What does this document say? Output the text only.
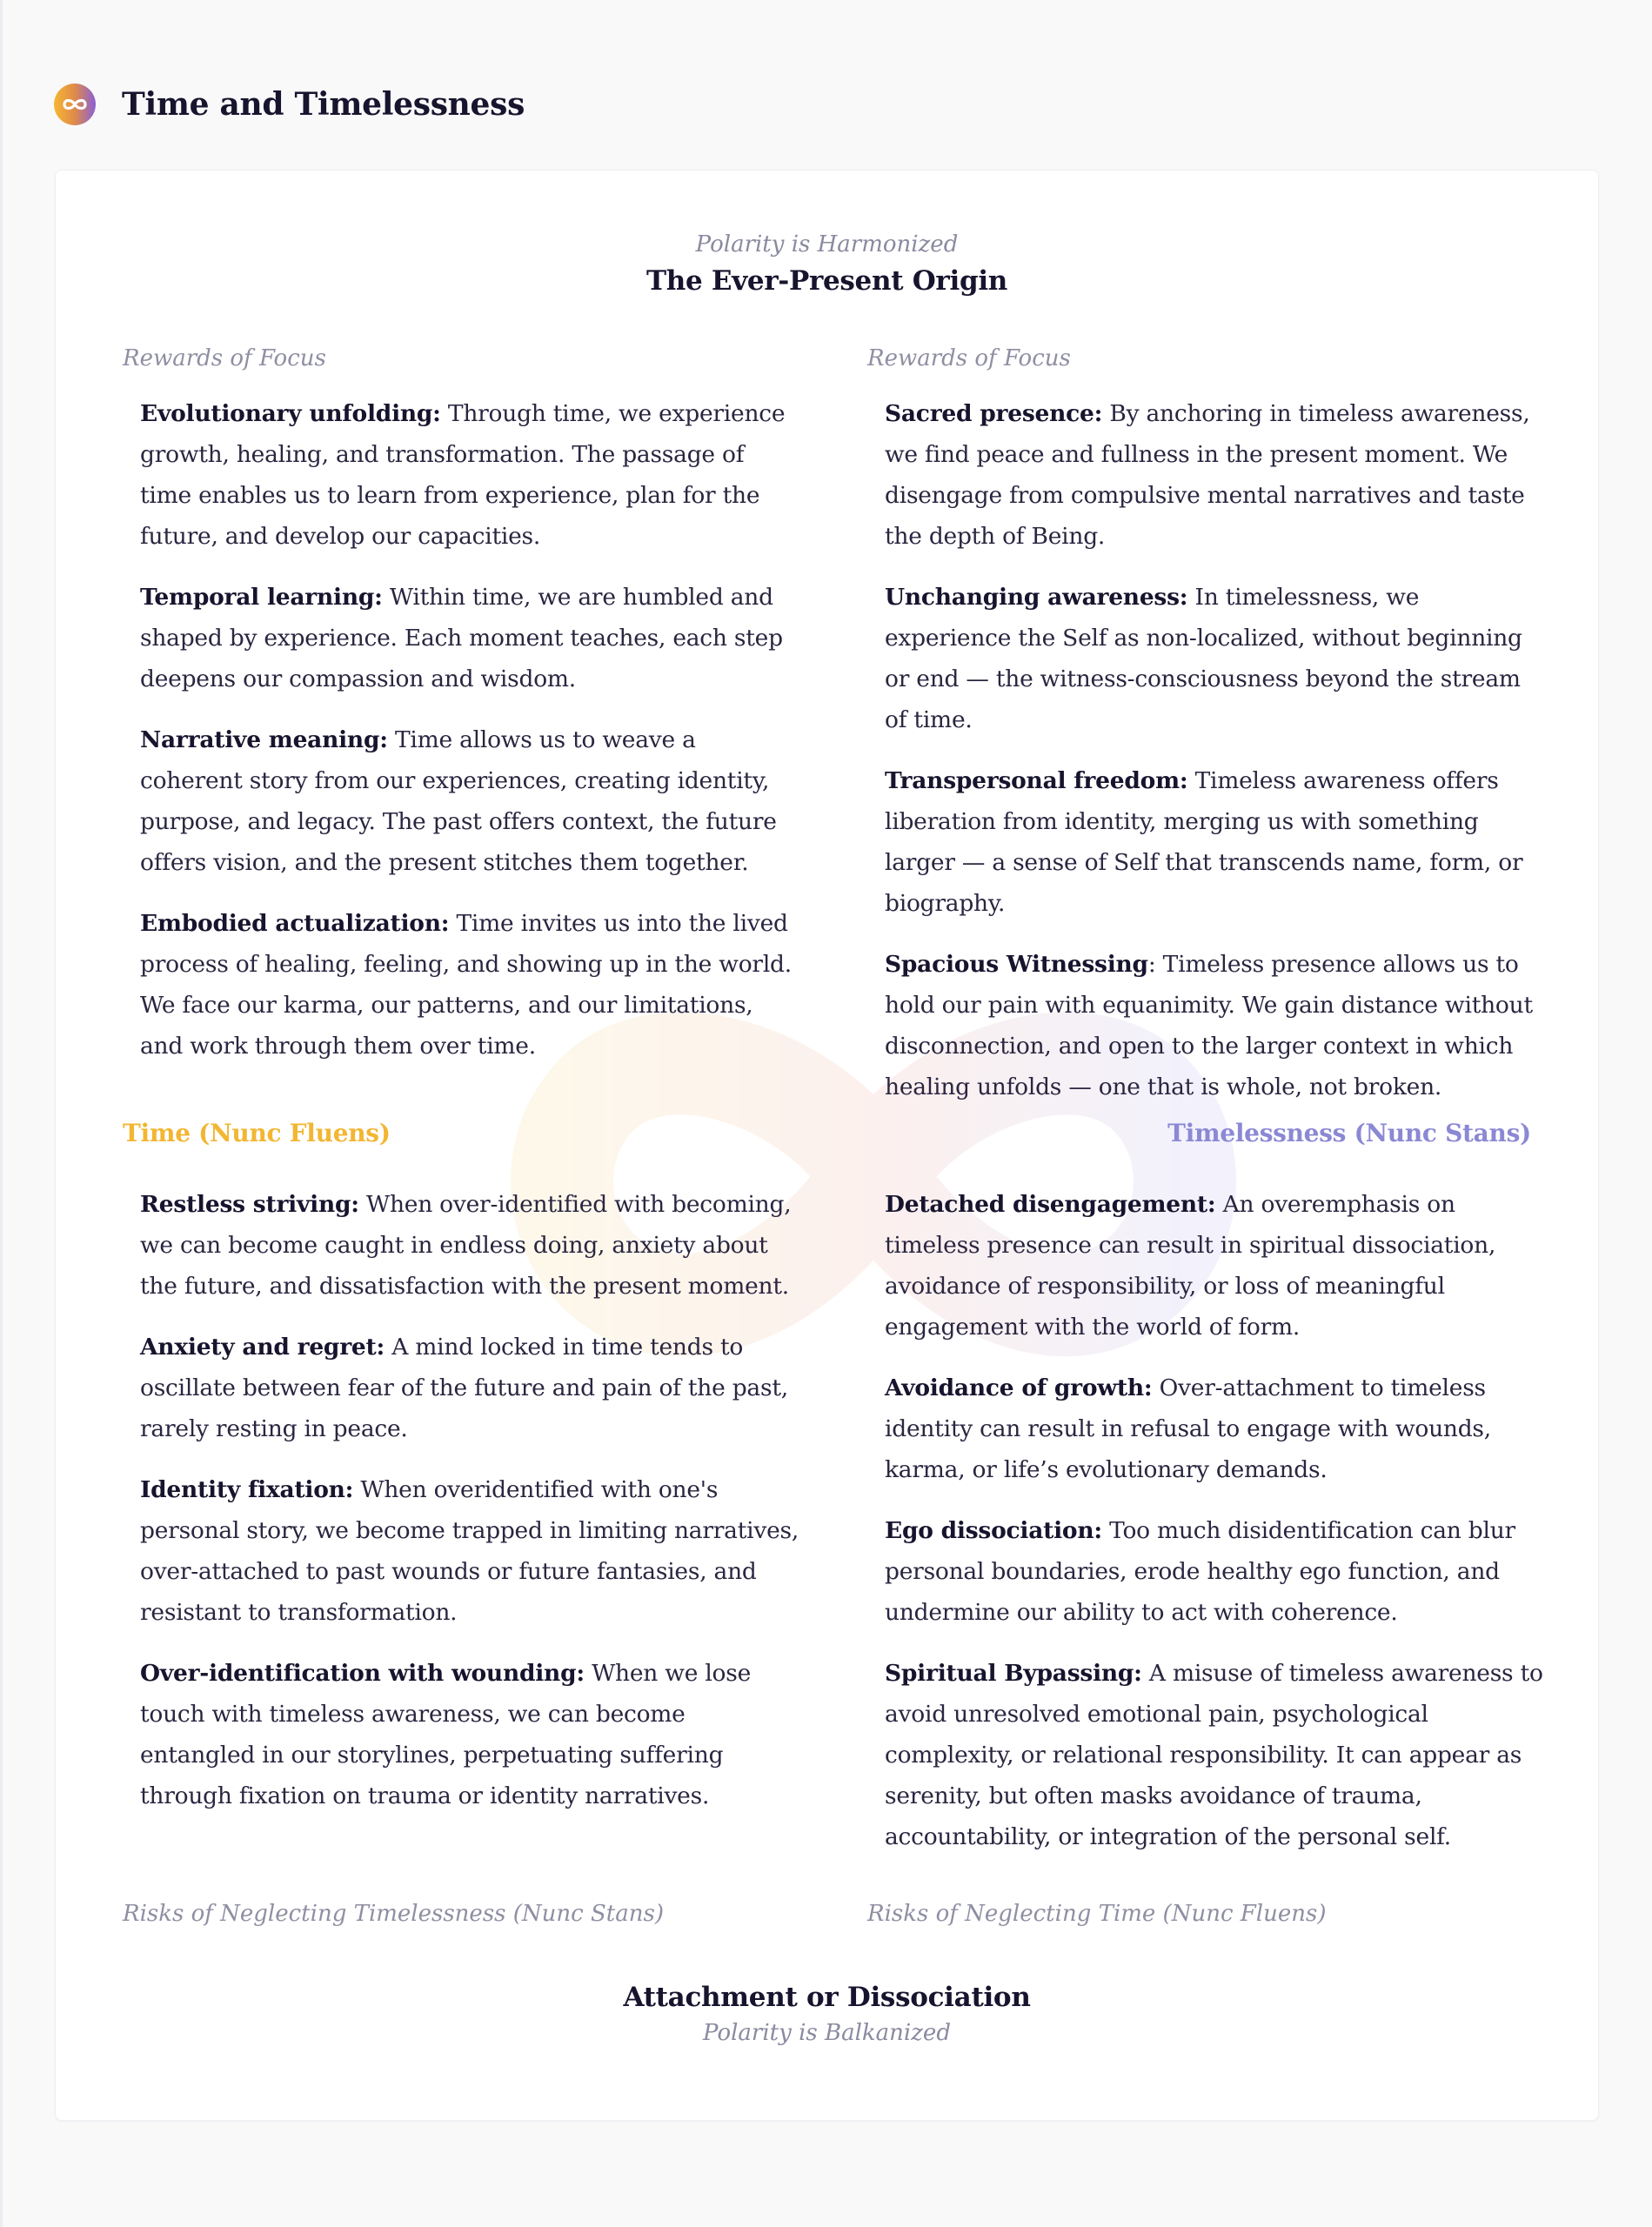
Time and Timelessness
Polarity is Harmonized
The Ever-Present Origin
Rewards of Focus
Evolutionary unfolding: Through time, we experience growth, healing, and transformation. The passage of time enables us to learn from experience, plan for the future, and develop our capacities.
Temporal learning: Within time, we are humbled and shaped by experience. Each moment teaches, each step deepens our compassion and wisdom.
Narrative meaning: Time allows us to weave a coherent story from our experiences, creating identity, purpose, and legacy. The past offers context, the future offers vision, and the present stitches them together.
Embodied actualization: Time invites us into the lived process of healing, feeling, and showing up in the world. We face our karma, our patterns, and our limitations, and work through them over time.
Rewards of Focus
Sacred presence: By anchoring in timeless awareness, we find peace and fullness in the present moment. We disengage from compulsive mental narratives and taste the depth of Being.
Unchanging awareness: In timelessness, we experience the Self as non-localized, without beginning or end — the witness-consciousness beyond the stream of time.
Transpersonal freedom: Timeless awareness offers liberation from identity, merging us with something larger — a sense of Self that transcends name, form, or biography.
Spacious Witnessing: Timeless presence allows us to hold our pain with equanimity. We gain distance without disconnection, and open to the larger context in which healing unfolds — one that is whole, not broken.
Time (Nunc Fluens)	Timelessness (Nunc Stans)
Restless striving: When over-identified with becoming, we can become caught in endless doing, anxiety about the future, and dissatisfaction with the present moment.
Anxiety and regret: A mind locked in time tends to oscillate between fear of the future and pain of the past, rarely resting in peace.
Identity fixation: When overidentified with one's personal story, we become trapped in limiting narratives, over-attached to past wounds or future fantasies, and resistant to transformation.
Over-identification with wounding: When we lose touch with timeless awareness, we can become entangled in our storylines, perpetuating suffering through fixation on trauma or identity narratives.
Detached disengagement: An overemphasis on timeless presence can result in spiritual dissociation, avoidance of responsibility, or loss of meaningful engagement with the world of form.
Avoidance of growth: Over-attachment to timeless identity can result in refusal to engage with wounds, karma, or life’s evolutionary demands.
Ego dissociation: Too much disidentification can blur personal boundaries, erode healthy ego function, and undermine our ability to act with coherence.
Spiritual Bypassing: A misuse of timeless awareness to avoid unresolved emotional pain, psychological complexity, or relational responsibility. It can appear as serenity, but often masks avoidance of trauma, accountability, or integration of the personal self.
Risks of Neglecting Timelessness (Nunc Stans)	Risks of Neglecting Time (Nunc Fluens)
Attachment or Dissociation
Polarity is Balkanized
